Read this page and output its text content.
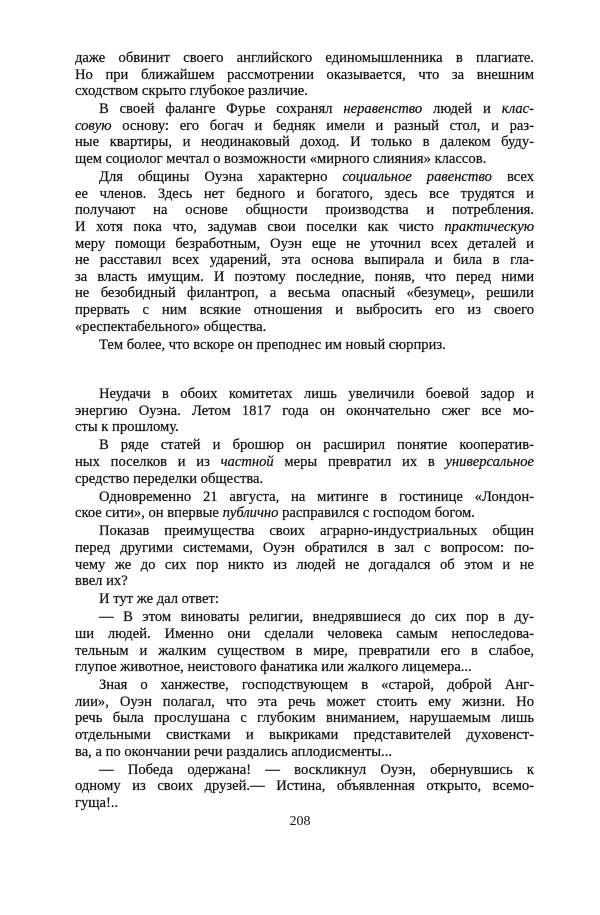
даже обвинит своего английского единомышленника в плагиате.
Но при ближайшем рассмотрении оказывается, что за внешним
сходством скрыто глубокое различие.
В своей фаланге Фурье сохранял неравенство людей и клас-
совую основу: его богач и бедняк имели и разный стол, и раз-
ные квартиры, и неодинаковый доход. И только в далеком буду-
щем социолог мечтал о возможности «мирного слияния» классов.
Для общины Оуэна характерно социальное равенство всех
ее членов. Здесь нет бедного и богатого, здесь все трудятся и
получают на основе общности производства и потребления.
И хотя пока что, задумав свои поселки как чисто практическую
меру помощи безработным, Оуэн еще не уточнил всех деталей и
не расставил всех ударений, эта основа выпирала и била в гла-
за власть имущим. И поэтому последние, поняв, что перед ними
не безобидный филантроп, а весьма опасный «безумец», решили
прервать с ним всякие отношения и выбросить его из своего
«респектабельного» общества.
Тем более, что вскоре он преподнес им новый сюрприз.
Неудачи в обоих комитетах лишь увеличили боевой задор и
энергию Оуэна. Летом 1817 года он окончательно сжег все мо-
сты к прошлому.
В ряде статей и брошюр он расширил понятие кооператив-
ных поселков и из частной меры превратил их в универсальное
средство переделки общества.
Одновременно 21 августа, на митинге в гостинице «Лондон-
ское сити», он впервые публично расправился с господом богом.
Показав преимущества своих аграрно-индустриальных общин
перед другими системами, Оуэн обратился в зал с вопросом: по-
чему же до сих пор никто из людей не догадался об этом и не
ввел их?
И тут же дал ответ:
— В этом виноваты религии, внедрявшиеся до сих пор в ду-
ши людей. Именно они сделали человека самым непоследова-
тельным и жалким существом в мире, превратили его в слабое,
глупое животное, неистового фанатика или жалкого лицемера...
Зная о ханжестве, господствующем в «старой, доброй Анг-
лии», Оуэн полагал, что эта речь может стоить ему жизни. Но
речь была прослушана с глубоким вниманием, нарушаемым лишь
отдельными свистками и выкриками представителей духовенст-
ва, а по окончании речи раздались аплодисменты...
— Победа одержана! — воскликнул Оуэн, обернувшись к
одному из своих друзей.— Истина, объявленная открыто, всемо-
гуща!..
208
